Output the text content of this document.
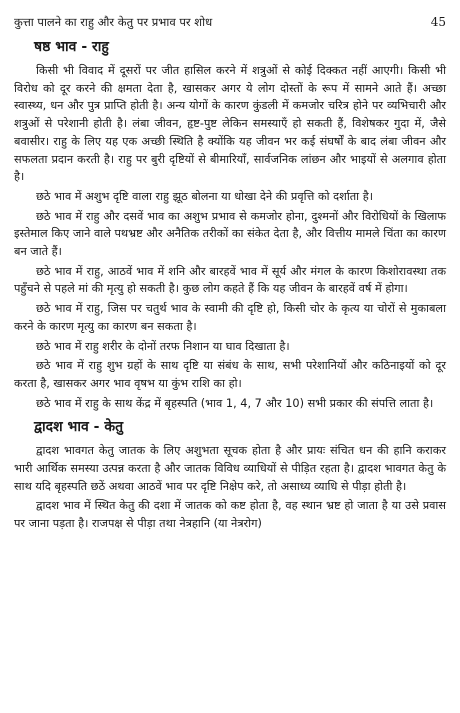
कुत्ता पालने का राहु और केतु पर प्रभाव पर शोध	45
षष्ठ भाव - राहु

किसी भी विवाद में दूसरों पर जीत हासिल करने में शत्रुओं से कोई दिक्कत नहीं आएगी। किसी भी विरोध को दूर करने की क्षमता देता है, खासकर अगर ये लोग दोस्तों के रूप में सामने आते हैं। अच्छा स्वास्थ्य, धन और पुत्र प्राप्ति होती है। अन्य योगों के कारण कुंडली में कमजोर चरित्र होने पर व्यभिचारी और शत्रुओं से परेशानी होती है। लंबा जीवन, हृष्ट-पुष्ट लेकिन समस्याएँ हो सकती हैं, विशेषकर गुदा में, जैसे बवासीर। राहु के लिए यह एक अच्छी स्थिति है क्योंकि यह जीवन भर कई संघर्षों के बाद लंबा जीवन और सफलता प्रदान करती है। राहु पर बुरी दृष्टियों से बीमारियाँ, सार्वजनिक लांछन और भाइयों से अलगाव होता है।

छठे भाव में अशुभ दृष्टि वाला राहु झूठ बोलना या धोखा देने की प्रवृत्ति को दर्शाता है।

छठे भाव में राहु और दसवें भाव का अशुभ प्रभाव से कमजोर होना, दुश्मनों और विरोधियों के खिलाफ इस्तेमाल किए जाने वाले पथभ्रष्ट और अनैतिक तरीकों का संकेत देता है, और वित्तीय मामले चिंता का कारण बन जाते हैं।

छठे भाव में राहु, आठवें भाव में शनि और बारहवें भाव में सूर्य और मंगल के कारण किशोरावस्था तक पहुँचने से पहले मां की मृत्यु हो सकती है। कुछ लोग कहते हैं कि यह जीवन के बारहवें वर्ष में होगा।

छठे भाव में राहु, जिस पर चतुर्थ भाव के स्वामी की दृष्टि हो, किसी चोर के कृत्य या चोरों से मुकाबला करने के कारण मृत्यु का कारण बन सकता है।

छठे भाव में राहु शरीर के दोनों तरफ निशान या घाव दिखाता है।

छठे भाव में राहु शुभ ग्रहों के साथ दृष्टि या संबंध के साथ, सभी परेशानियों और कठिनाइयों को दूर करता है, खासकर अगर भाव वृषभ या कुंभ राशि का हो।

छठे भाव में राहु के साथ केंद्र में बृहस्पति (भाव 1, 4, 7 और 10) सभी प्रकार की संपत्ति लाता है।

द्वादश भाव - केतु

द्वादश भावगत केतु जातक के लिए अशुभता सूचक होता है और प्रायः संचित धन की हानि कराकर भारी आर्थिक समस्या उत्पन्न करता है और जातक विविध व्याधियों से पीड़ित रहता है। द्वादश भावगत केतु के साथ यदि बृहस्पति छठें अथवा आठवें भाव पर दृष्टि निक्षेप करे, तो असाध्य व्याधि से पीड़ा होती है।

द्वादश भाव में स्थित केतु की दशा में जातक को कष्ट होता है, वह स्थान भ्रष्ट हो जाता है या उसे प्रवास पर जाना पड़ता है। राजपक्ष से पीड़ा तथा नेत्रहानि (या नेत्ररोग)
